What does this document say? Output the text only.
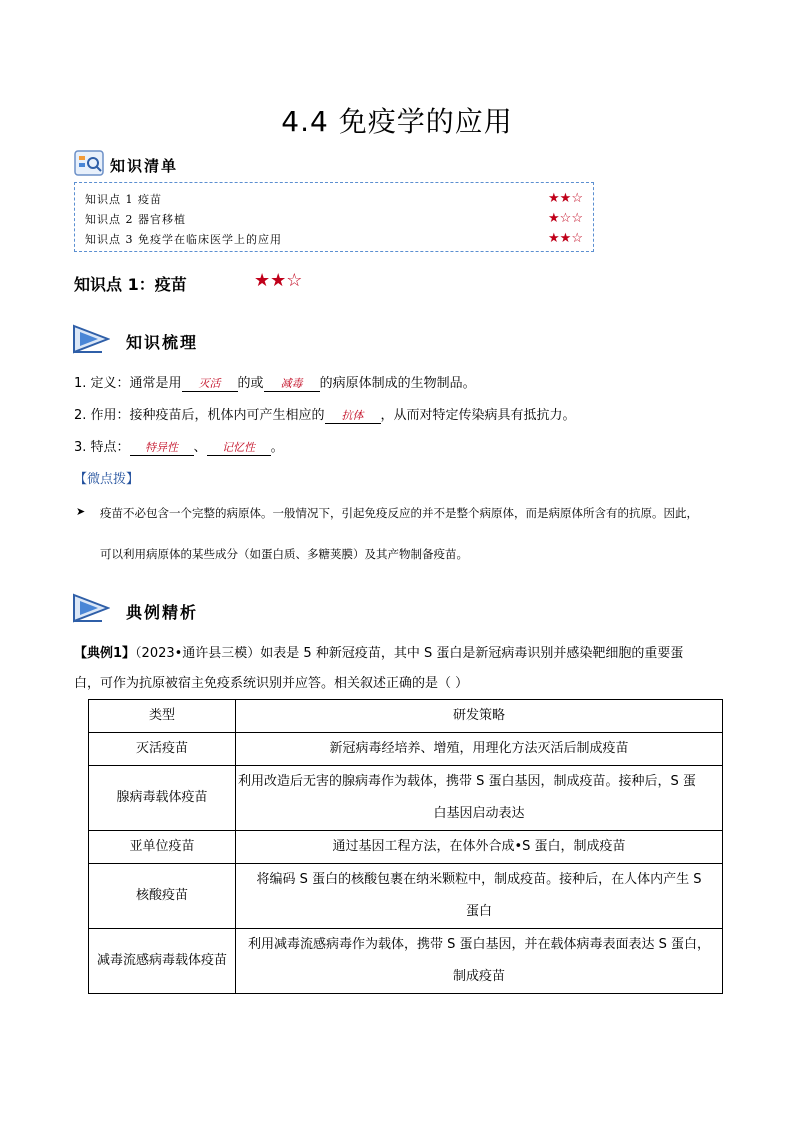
4.4 免疫学的应用
知识清单
知识点 1 疫苗	★★☆
知识点 2 器官移植	★☆☆
知识点 3 免疫学在临床医学上的应用	★★☆
知识点 1：疫苗	★★☆
知识梳理
1. 定义：通常是用 灭活 的或 减毒 的病原体制成的生物制品。
2. 作用：接种疫苗后，机体内可产生相应的 抗体 ，从而对特定传染病具有抵抗力。
3. 特点： 特异性 、 记忆性 。
【微点拨】
➤ 疫苗不必包含一个完整的病原体。一般情况下，引起免疫反应的并不是整个病原体，而是病原体所含有的抗原。因此，
可以利用病原体的某些成分（如蛋白质、多糖荚膜）及其产物制备疫苗。
典例精析
【典例1】（2023•通许县三模）如表是 5 种新冠疫苗，其中 S 蛋白是新冠病毒识别并感染靶细胞的重要蛋
白，可作为抗原被宿主免疫系统识别并应答。相关叙述正确的是（ ）
类型	研发策略
灭活疫苗	新冠病毒经培养、增殖，用理化方法灭活后制成疫苗

腺病毒载体疫苗	利用改造后无害的腺病毒作为载体，携带 S 蛋白基因，制成疫苗。接种后，S 蛋
白基因启动表达

亚单位疫苗	通过基因工程方法，在体外合成•S 蛋白，制成疫苗

核酸疫苗	将编码 S 蛋白的核酸包裹在纳米颗粒中，制成疫苗。接种后，在人体内产生 S
蛋白

减毒流感病毒载体疫苗	利用减毒流感病毒作为载体，携带 S 蛋白基因，并在载体病毒表面表达 S 蛋白，
制成疫苗
